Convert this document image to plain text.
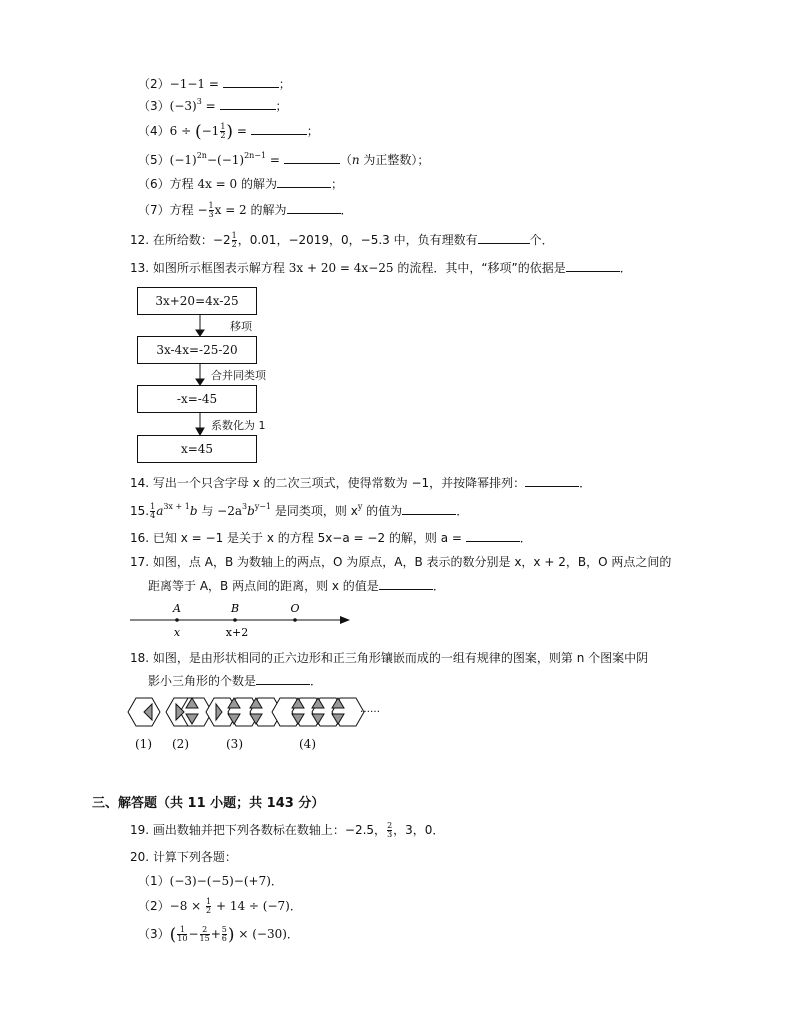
（2）−1−1 =	；
$(3)(-3)^3$ =	；
$(4)6 \div (-1 \frac{1}{2}$ ) =	；
$(5)(-1)^{2n}-(-1)^{2n-1}$ =	（n 为正整数）；
（6）方程 4x = 0 的解为	；
（7）方程 − $\frac{1}{3}$ x = 2 的解为	．
12. 在所给数：$-2 \frac{1}{2}$ ，0.01，−2019，0，−5.3 中，负有理数有	个．
13. 如图所示框图表示解方程 3x + 20 = 4x−25 的流程．其中，“移项”的依据是	．
3x+20=4x-25
3x-4x=-25-20
-x=-45
x=45
移项
合并同类项
系数化为 1
14. 写出一个只含字母 x 的二次三项式，使得常数为 −1，并按降幂排列：	．
15. $\frac{1}{4} a^{3x + 1}b$ 与 $-2a^3b^{y-1}$ 是同类项，则 $x^y$ 的值为	．
16. 已知 x = −1 是关于 x 的方程 5x−a = −2 的解，则 a =	．
17. 如图，点 A，B 为数轴上的两点，O 为原点，A，B 表示的数分别是 x，x + 2，B，O 两点之间的
距离等于 A，B 两点间的距离，则 x 的值是	．
A	B	O
x	x+2
18. 如图，是由形状相同的正六边形和正三角形镶嵌而成的一组有规律的图案，则第 n 个图案中阴
影小三角形的个数是	．
……
(1) (2)	(3)	(4)
三、解答题（共 11 小题；共 143 分）
19. 画出数轴并把下列各数标在数轴上：−2.5， $\frac{2}{3}$ ，3，0．
20. 计算下列各题：
（1）(−3)−(−5)−(+7)．
$(2)-8 \times \frac{1}{2} + 14 \div (-7)$．
$(3)( \frac{1}{10} - \frac{2}{15} + \frac{5}{6}$ ) × (−30)．
